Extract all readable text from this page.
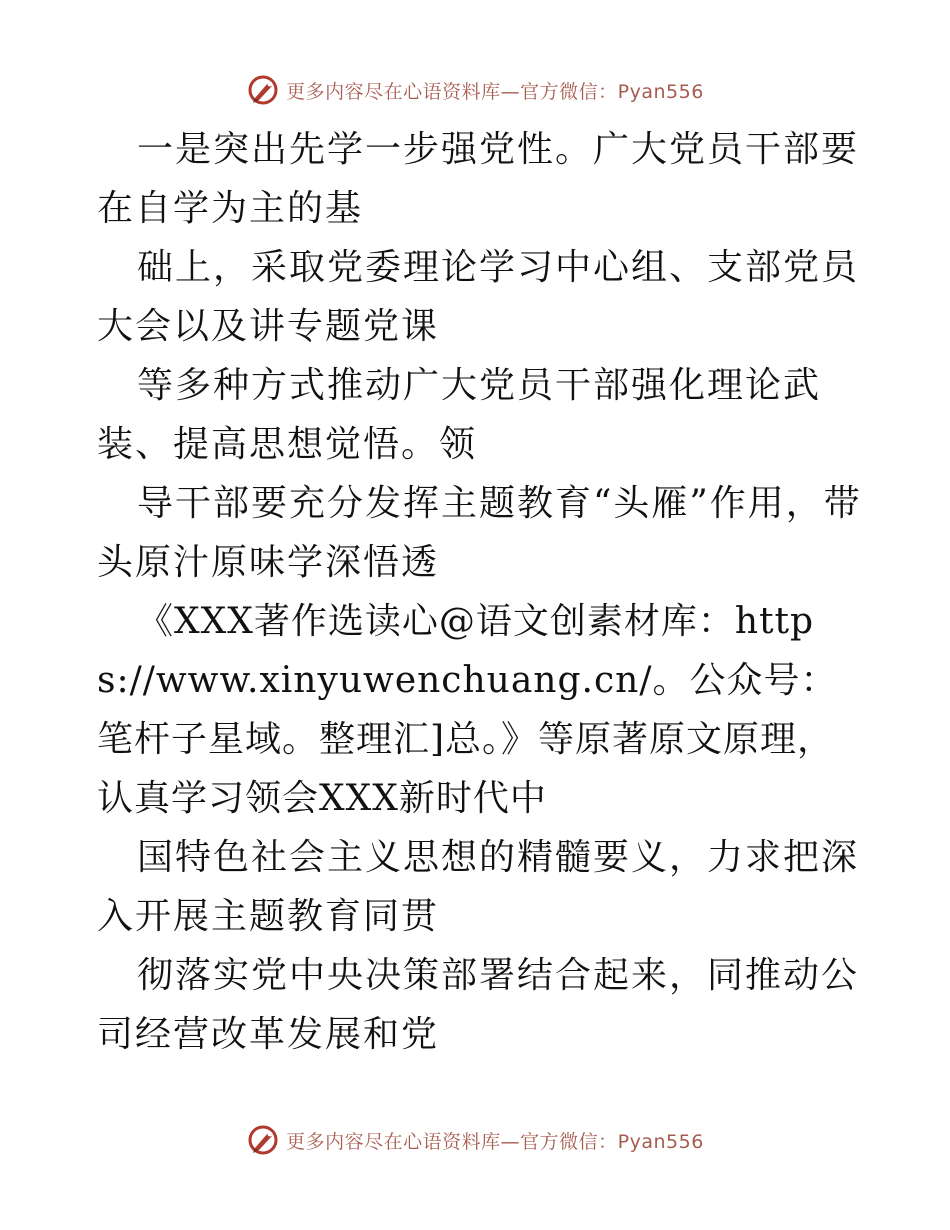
更多内容尽在心语资料库—官方微信：Pyan556

一是突出先学一步强党性。广大党员干部要在自学为主的基

础上，采取党委理论学习中心组、支部党员大会以及讲专题党课

等多种方式推动广大党员干部强化理论武装、提高思想觉悟。领

导干部要充分发挥主题教育“头雁”作用，带头原汁原味学深悟透

《XXX著作选读心@语文创素材库：https://www.xinyuwenchuang.cn/。公众号：笔杆子星域。整理汇]总。》等原著原文原理，认真学习领会XXX新时代中

国特色社会主义思想的精髓要义，力求把深入开展主题教育同贯

彻落实党中央决策部署结合起来，同推动公司经营改革发展和党

更多内容尽在心语资料库—官方微信：Pyan556
